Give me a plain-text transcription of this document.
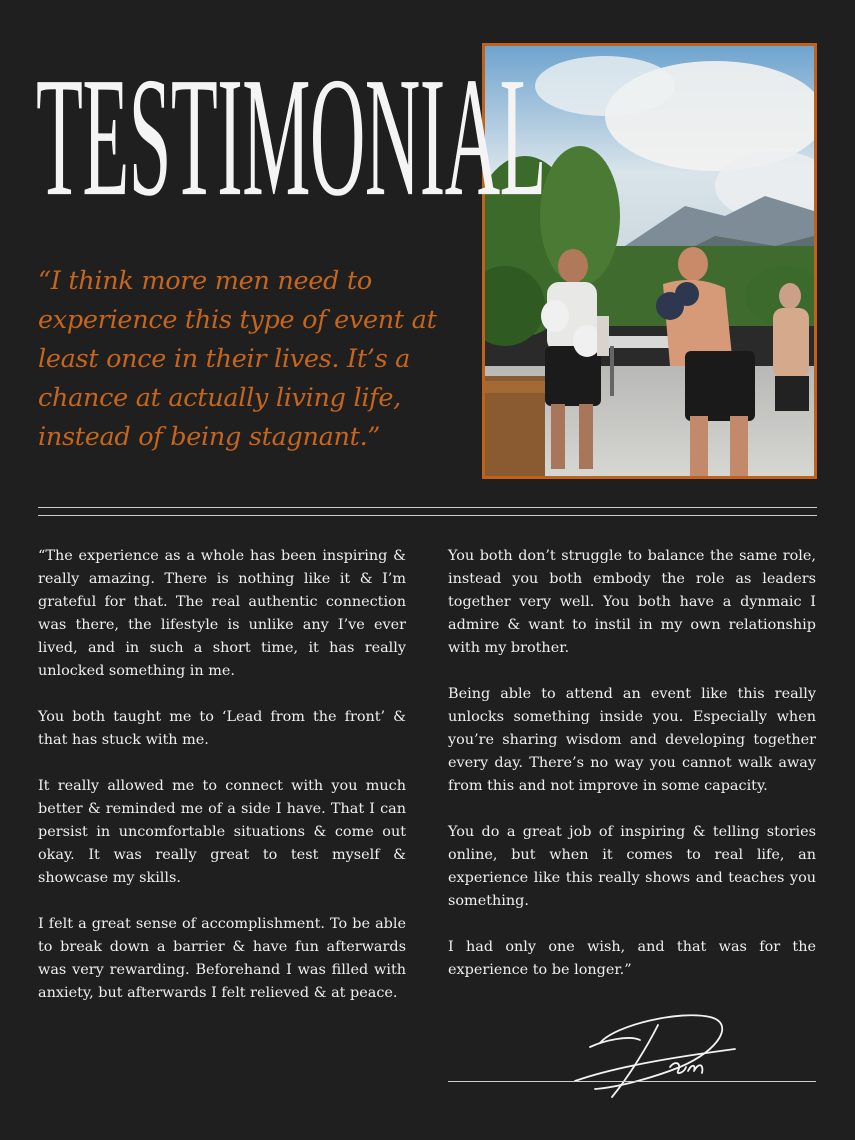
TESTIMONIAL

“I think more men need to experience this type of event at least once in their lives. It’s a chance at actually living life, instead of being stagnant.”

“The experience as a whole has been inspiring & really amazing. There is nothing like it & I’m grateful for that. The real authentic connection was there, the lifestyle is unlike any I’ve ever lived, and in such a short time, it has really unlocked something in me.

You both taught me to ‘Lead from the front’ & that has stuck with me.

It really allowed me to connect with you much better & reminded me of a side I have. That I can persist in uncomfortable situations & come out okay. It was really great to test myself & showcase my skills.

I felt a great sense of accomplishment. To be able to break down a barrier & have fun afterwards was very rewarding. Beforehand I was filled with anxiety, but afterwards I felt relieved & at peace.

You both don’t struggle to balance the same role, instead you both embody the role as leaders together very well. You both have a dynmaic I admire & want to instil in my own relationship with my brother.

Being able to attend an event like this really unlocks something inside you. Especially when you’re sharing wisdom and developing together every day. There’s no way you cannot walk away from this and not improve in some capacity.

You do a great job of inspiring & telling stories online, but when it comes to real life, an experience like this really shows and teaches you something.

I had only one wish, and that was for the experience to be longer.”
